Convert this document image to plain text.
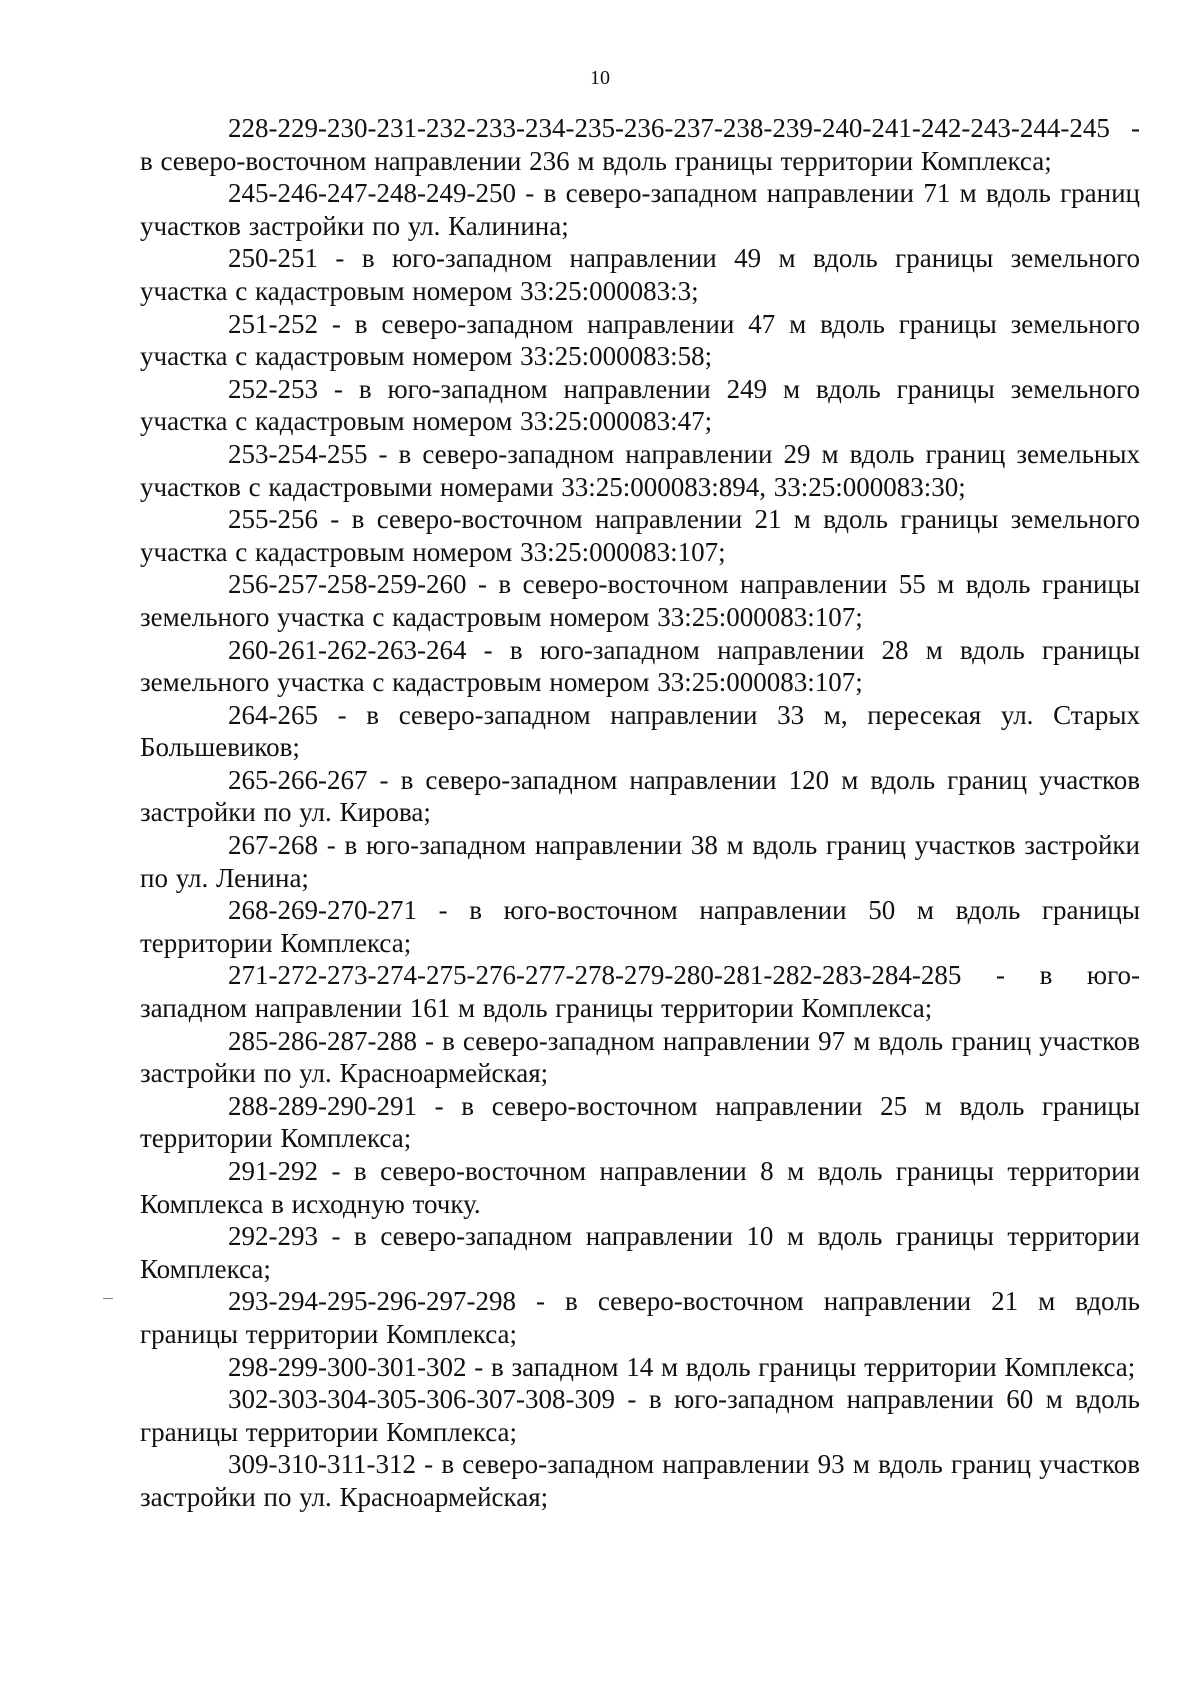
10

228-229-230-231-232-233-234-235-236-237-238-239-240-241-242-243-244-245 - в северо-восточном направлении 236 м вдоль границы территории Комплекса;

245-246-247-248-249-250 - в северо-западном направлении 71 м вдоль границ участков застройки по ул. Калинина;

250-251 - в юго-западном направлении 49 м вдоль границы земельного участка с кадастровым номером 33:25:000083:3;

251-252 - в северо-западном направлении 47 м вдоль границы земельного участка с кадастровым номером 33:25:000083:58;

252-253 - в юго-западном направлении 249 м вдоль границы земельного участка с кадастровым номером 33:25:000083:47;

253-254-255 - в северо-западном направлении 29 м вдоль границ земельных участков с кадастровыми номерами 33:25:000083:894, 33:25:000083:30;

255-256 - в северо-восточном направлении 21 м вдоль границы земельного участка с кадастровым номером 33:25:000083:107;

256-257-258-259-260 - в северо-восточном направлении 55 м вдоль границы земельного участка с кадастровым номером 33:25:000083:107;

260-261-262-263-264 - в юго-западном направлении 28 м вдоль границы земельного участка с кадастровым номером 33:25:000083:107;

264-265 - в северо-западном направлении 33 м, пересекая ул. Старых Большевиков;

265-266-267 - в северо-западном направлении 120 м вдоль границ участков застройки по ул. Кирова;

267-268 - в юго-западном направлении 38 м вдоль границ участков застройки по ул. Ленина;

268-269-270-271 - в юго-восточном направлении 50 м вдоль границы территории Комплекса;

271-272-273-274-275-276-277-278-279-280-281-282-283-284-285 - в юго-западном направлении 161 м вдоль границы территории Комплекса;

285-286-287-288 - в северо-западном направлении 97 м вдоль границ участков застройки по ул. Красноармейская;

288-289-290-291 - в северо-восточном направлении 25 м вдоль границы территории Комплекса;

291-292 - в северо-восточном направлении 8 м вдоль границы территории Комплекса в исходную точку.

292-293 - в северо-западном направлении 10 м вдоль границы территории Комплекса;

293-294-295-296-297-298 - в северо-восточном направлении 21 м вдоль границы территории Комплекса;

298-299-300-301-302 - в западном 14 м вдоль границы территории Комплекса;

302-303-304-305-306-307-308-309 - в юго-западном направлении 60 м вдоль границы территории Комплекса;

309-310-311-312 - в северо-западном направлении 93 м вдоль границ участков застройки по ул. Красноармейская;
